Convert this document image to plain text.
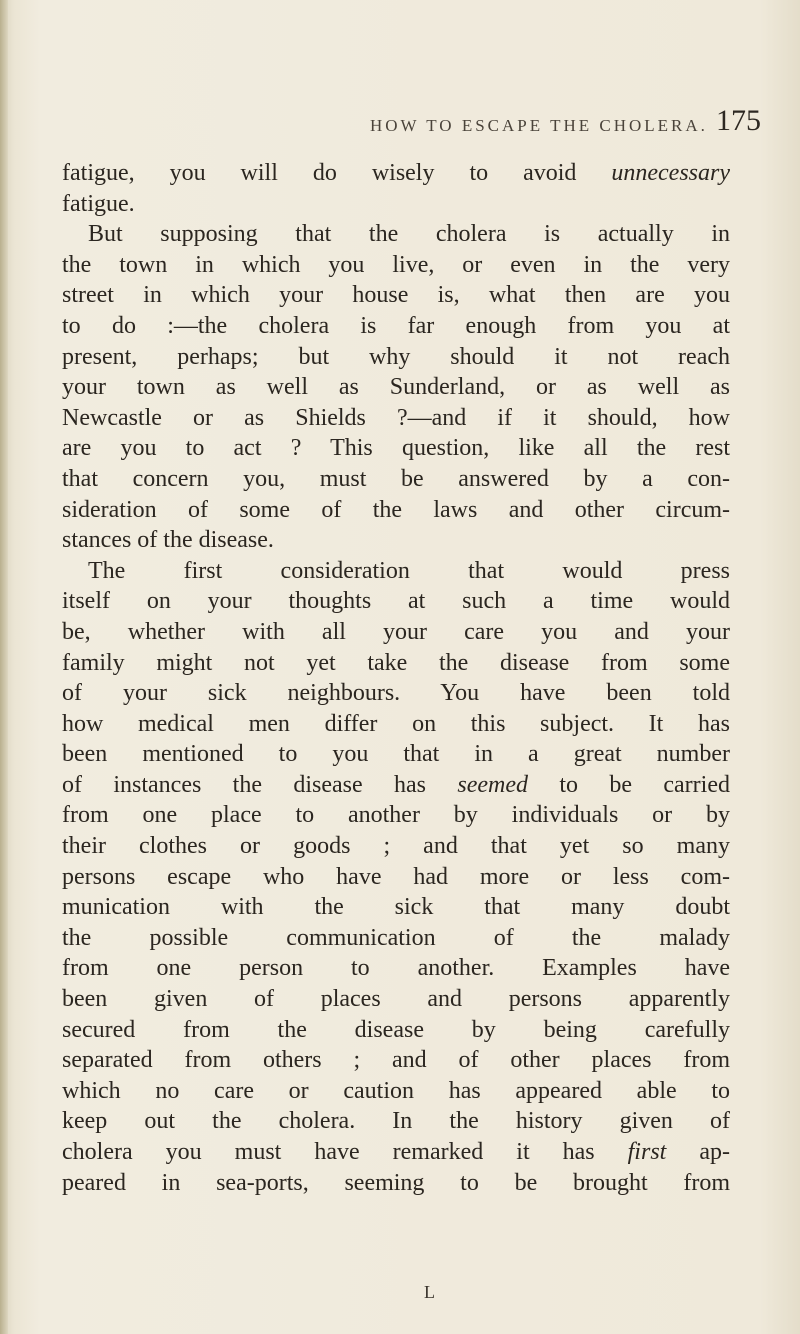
HOW TO ESCAPE THE CHOLERA. 175
fatigue, you will do wisely to avoid unnecessary
fatigue.
But supposing that the cholera is actually in
the town in which you live, or even in the very
street in which your house is, what then are you
to do :—the cholera is far enough from you at
present, perhaps; but why should it not reach
your town as well as Sunderland, or as well as
Newcastle or as Shields ?—and if it should, how
are you to act ? This question, like all the rest
that concern you, must be answered by a con-
sideration of some of the laws and other circum-
stances of the disease.
The first consideration that would press
itself on your thoughts at such a time would
be, whether with all your care you and your
family might not yet take the disease from some
of your sick neighbours. You have been told
how medical men differ on this subject. It has
been mentioned to you that in a great number
of instances the disease has seemed to be carried
from one place to another by individuals or by
their clothes or goods ; and that yet so many
persons escape who have had more or less com-
munication with the sick that many doubt
the possible communication of the malady
from one person to another. Examples have
been given of places and persons apparently
secured from the disease by being carefully
separated from others ; and of other places from
which no care or caution has appeared able to
keep out the cholera. In the history given of
cholera you must have remarked it has first ap-
peared in sea-ports, seeming to be brought from
L
